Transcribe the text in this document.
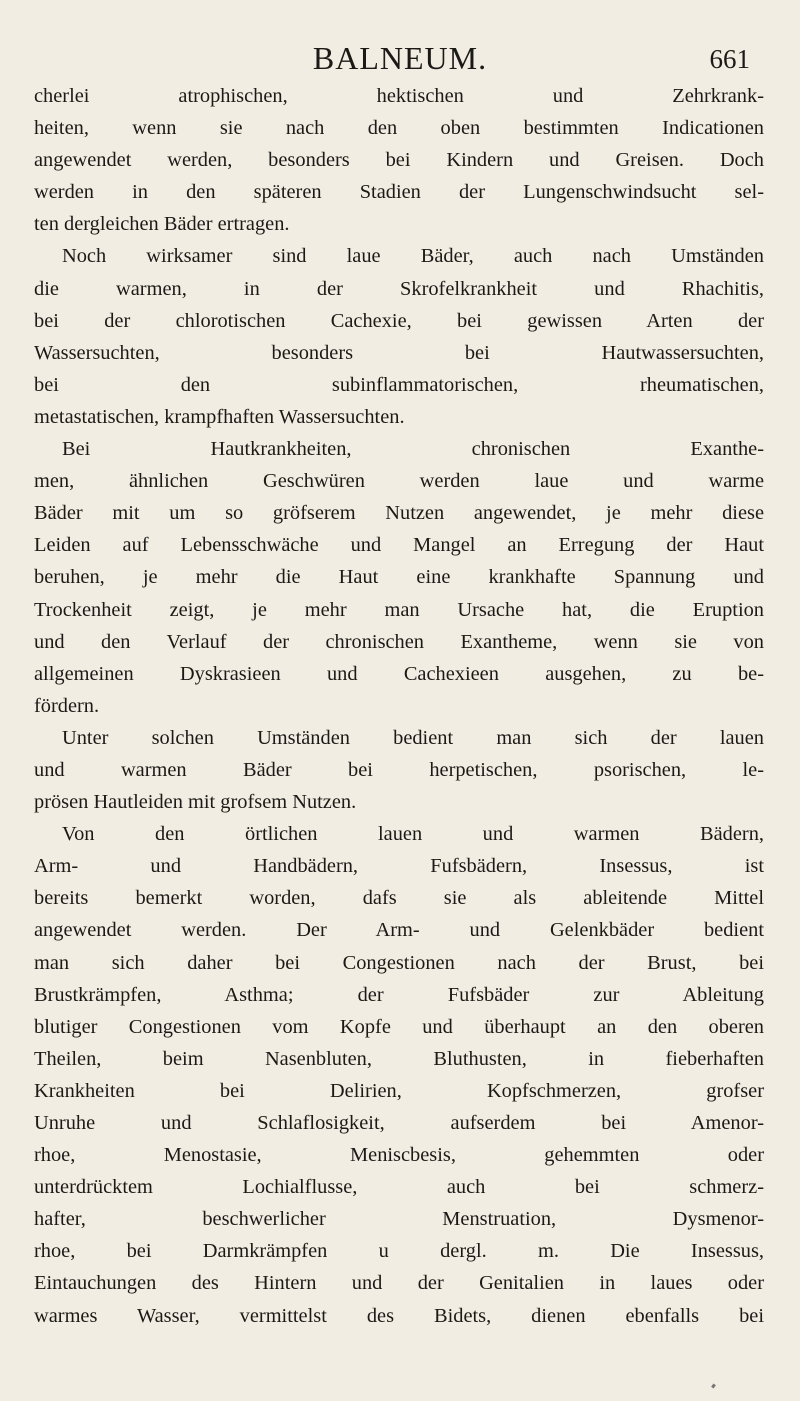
BALNEUM.	661
cherlei atrophischen, hektischen und Zehrkrank-
heiten, wenn sie nach den oben bestimmten Indicationen
angewendet werden, besonders bei Kindern und Greisen. Doch
werden in den späteren Stadien der Lungenschwindsucht sel-
ten dergleichen Bäder ertragen.
Noch wirksamer sind laue Bäder, auch nach Umständen
die warmen, in der Skrofelkrankheit und Rhachitis,
bei der chlorotischen Cachexie, bei gewissen Arten der
Wassersuchten, besonders bei Hautwassersuchten,
bei den subinflammatorischen, rheumatischen,
metastatischen, krampfhaften Wassersuchten.
Bei Hautkrankheiten, chronischen Exanthe-
men, ähnlichen Geschwüren werden laue und warme
Bäder mit um so gröfserem Nutzen angewendet, je mehr diese
Leiden auf Lebensschwäche und Mangel an Erregung der Haut
beruhen, je mehr die Haut eine krankhafte Spannung und
Trockenheit zeigt, je mehr man Ursache hat, die Eruption
und den Verlauf der chronischen Exantheme, wenn sie von
allgemeinen Dyskrasieen und Cachexieen ausgehen, zu be-
fördern.
Unter solchen Umständen bedient man sich der lauen
und warmen Bäder bei herpetischen, psorischen, le-
prösen Hautleiden mit grofsem Nutzen.
Von den örtlichen lauen und warmen Bädern,
Arm- und Handbädern, Fufsbädern, Insessus, ist
bereits bemerkt worden, dafs sie als ableitende Mittel
angewendet werden. Der Arm- und Gelenkbäder bedient
man sich daher bei Congestionen nach der Brust, bei
Brustkrämpfen, Asthma; der Fufsbäder zur Ableitung
blutiger Congestionen vom Kopfe und überhaupt an den oberen
Theilen, beim Nasenbluten, Bluthusten, in fieberhaften
Krankheiten bei Delirien, Kopfschmerzen, grofser
Unruhe und Schlaflosigkeit, aufserdem bei Amenor-
rhoe, Menostasie, Meniscbesis, gehemmten oder
unterdrücktem Lochialflusse, auch bei schmerz-
hafter, beschwerlicher Menstruation, Dysmenor-
rhoe, bei Darmkrämpfen u dergl. m. Die Insessus,
Eintauchungen des Hintern und der Genitalien in laues oder
warmes Wasser, vermittelst des Bidets, dienen ebenfalls bei
